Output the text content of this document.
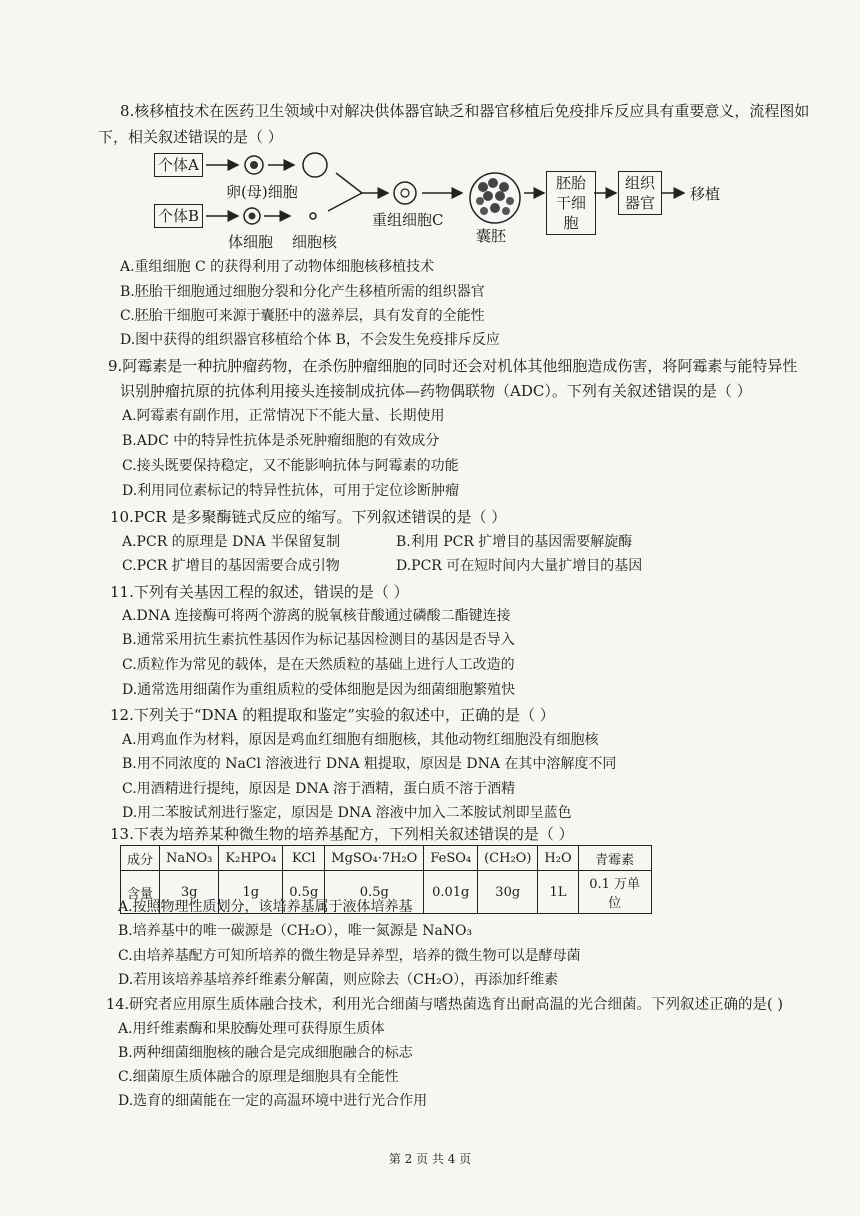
8.核移植技术在医药卫生领域中对解决供体器官缺乏和器官移植后免疫排斥反应具有重要意义，流程图如
下，相关叙述错误的是（ ）
个体A
个体B
卵(母)细胞
体细胞 细胞核
重组细胞C
囊胚
胚胎
干细胞
组织
器官 移植
A.重组细胞 C 的获得利用了动物体细胞核移植技术
B.胚胎干细胞通过细胞分裂和分化产生移植所需的组织器官
C.胚胎干细胞可来源于囊胚中的滋养层，具有发育的全能性
D.图中获得的组织器官移植给个体 B，不会发生免疫排斥反应
9.阿霉素是一种抗肿瘤药物，在杀伤肿瘤细胞的同时还会对机体其他细胞造成伤害，将阿霉素与能特异性
识别肿瘤抗原的抗体利用接头连接制成抗体—药物偶联物（ADC）。下列有关叙述错误的是（ ）
A.阿霉素有副作用，正常情况下不能大量、长期使用
B.ADC 中的特异性抗体是杀死肿瘤细胞的有效成分
C.接头既要保持稳定，又不能影响抗体与阿霉素的功能
D.利用同位素标记的特异性抗体，可用于定位诊断肿瘤
10.PCR 是多聚酶链式反应的缩写。下列叙述错误的是（ ）
A.PCR 的原理是 DNA 半保留复制	B.利用 PCR 扩增目的基因需要解旋酶
C.PCR 扩增目的基因需要合成引物	D.PCR 可在短时间内大量扩增目的基因
11.下列有关基因工程的叙述，错误的是（ ）
A.DNA 连接酶可将两个游离的脱氧核苷酸通过磷酸二酯键连接
B.通常采用抗生素抗性基因作为标记基因检测目的基因是否导入
C.质粒作为常见的载体，是在天然质粒的基础上进行人工改造的
D.通常选用细菌作为重组质粒的受体细胞是因为细菌细胞繁殖快
12.下列关于“DNA 的粗提取和鉴定”实验的叙述中，正确的是（ ）
A.用鸡血作为材料，原因是鸡血红细胞有细胞核，其他动物红细胞没有细胞核
B.用不同浓度的 NaCl 溶液进行 DNA 粗提取，原因是 DNA 在其中溶解度不同
C.用酒精进行提纯，原因是 DNA 溶于酒精，蛋白质不溶于酒精
D.用二苯胺试剂进行鉴定，原因是 DNA 溶液中加入二苯胺试剂即呈蓝色
13.下表为培养某种微生物的培养基配方，下列相关叙述错误的是（ ）
成分	NaNO₃	K₂HPO₄	KCl	MgSO₄·7H₂O	FeSO₄	(CH₂O)	H₂O	青霉素
含量	3g	1g	0.5g	0.5g	0.01g	30g	1L	0.1 万单位
A.按照物理性质划分，该培养基属于液体培养基
B.培养基中的唯一碳源是（CH₂O），唯一氮源是 NaNO₃
C.由培养基配方可知所培养的微生物是异养型，培养的微生物可以是酵母菌
D.若用该培养基培养纤维素分解菌，则应除去（CH₂O），再添加纤维素
14.研究者应用原生质体融合技术，利用光合细菌与嗜热菌选育出耐高温的光合细菌。下列叙述正确的是( )
A.用纤维素酶和果胶酶处理可获得原生质体
B.两种细菌细胞核的融合是完成细胞融合的标志
C.细菌原生质体融合的原理是细胞具有全能性
D.选育的细菌能在一定的高温环境中进行光合作用
第 2 页 共 4 页
